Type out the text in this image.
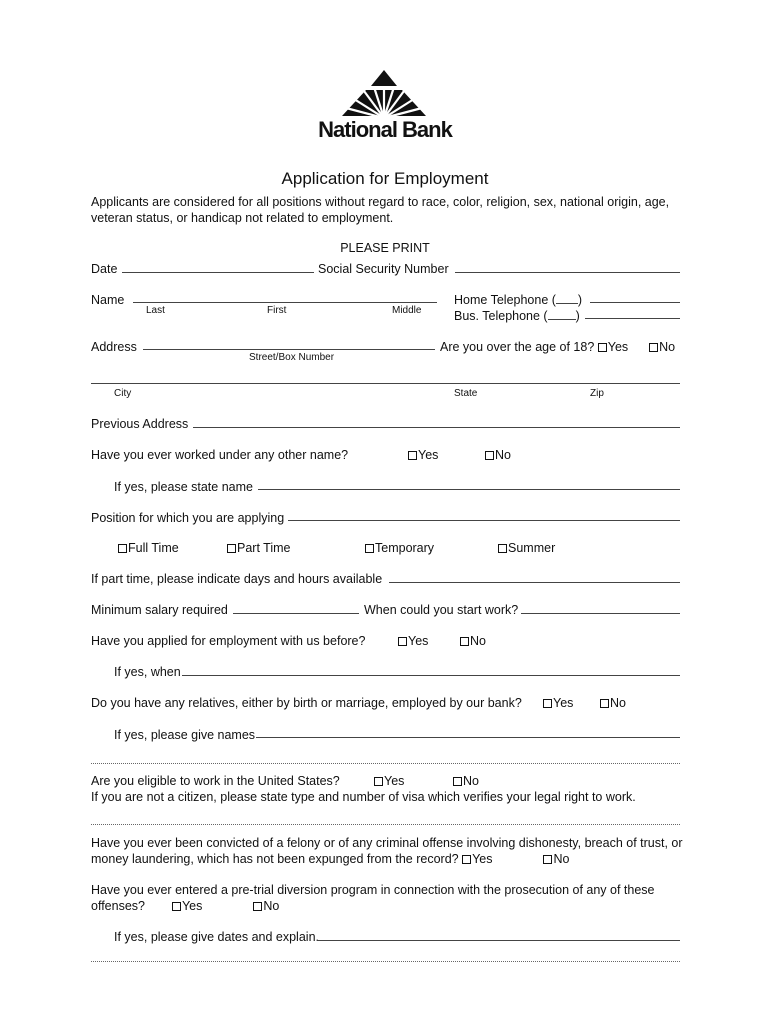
National Bank
Application for Employment
Applicants are considered for all positions without regard to race, color, religion, sex, national origin, age, veteran status, or handicap not related to employment.
PLEASE PRINT
Date	Social Security Number
Name
Last	First	Middle
Home Telephone ( )
Bus. Telephone ( )
Address
Street/Box Number
Are you over the age of 18? Yes No
City	State	Zip
Previous Address
Have you ever worked under any other name?	Yes	No
If yes, please state name
Position for which you are applying
Full Time	Part Time	Temporary	Summer
If part time, please indicate days and hours available
Minimum salary required	When could you start work?
Have you applied for employment with us before?	Yes	No
If yes, when
Do you have any relatives, either by birth or marriage, employed by our bank?	Yes	No
If yes, please give names
Are you eligible to work in the United States?	Yes	No
If you are not a citizen, please state type and number of visa which verifies your legal right to work.
Have you ever been convicted of a felony or of any criminal offense involving dishonesty, breach of trust, or money laundering, which has not been expunged from the record? Yes	No
Have you ever entered a pre-trial diversion program in connection with the prosecution of any of these offenses?	Yes	No
If yes, please give dates and explain.
